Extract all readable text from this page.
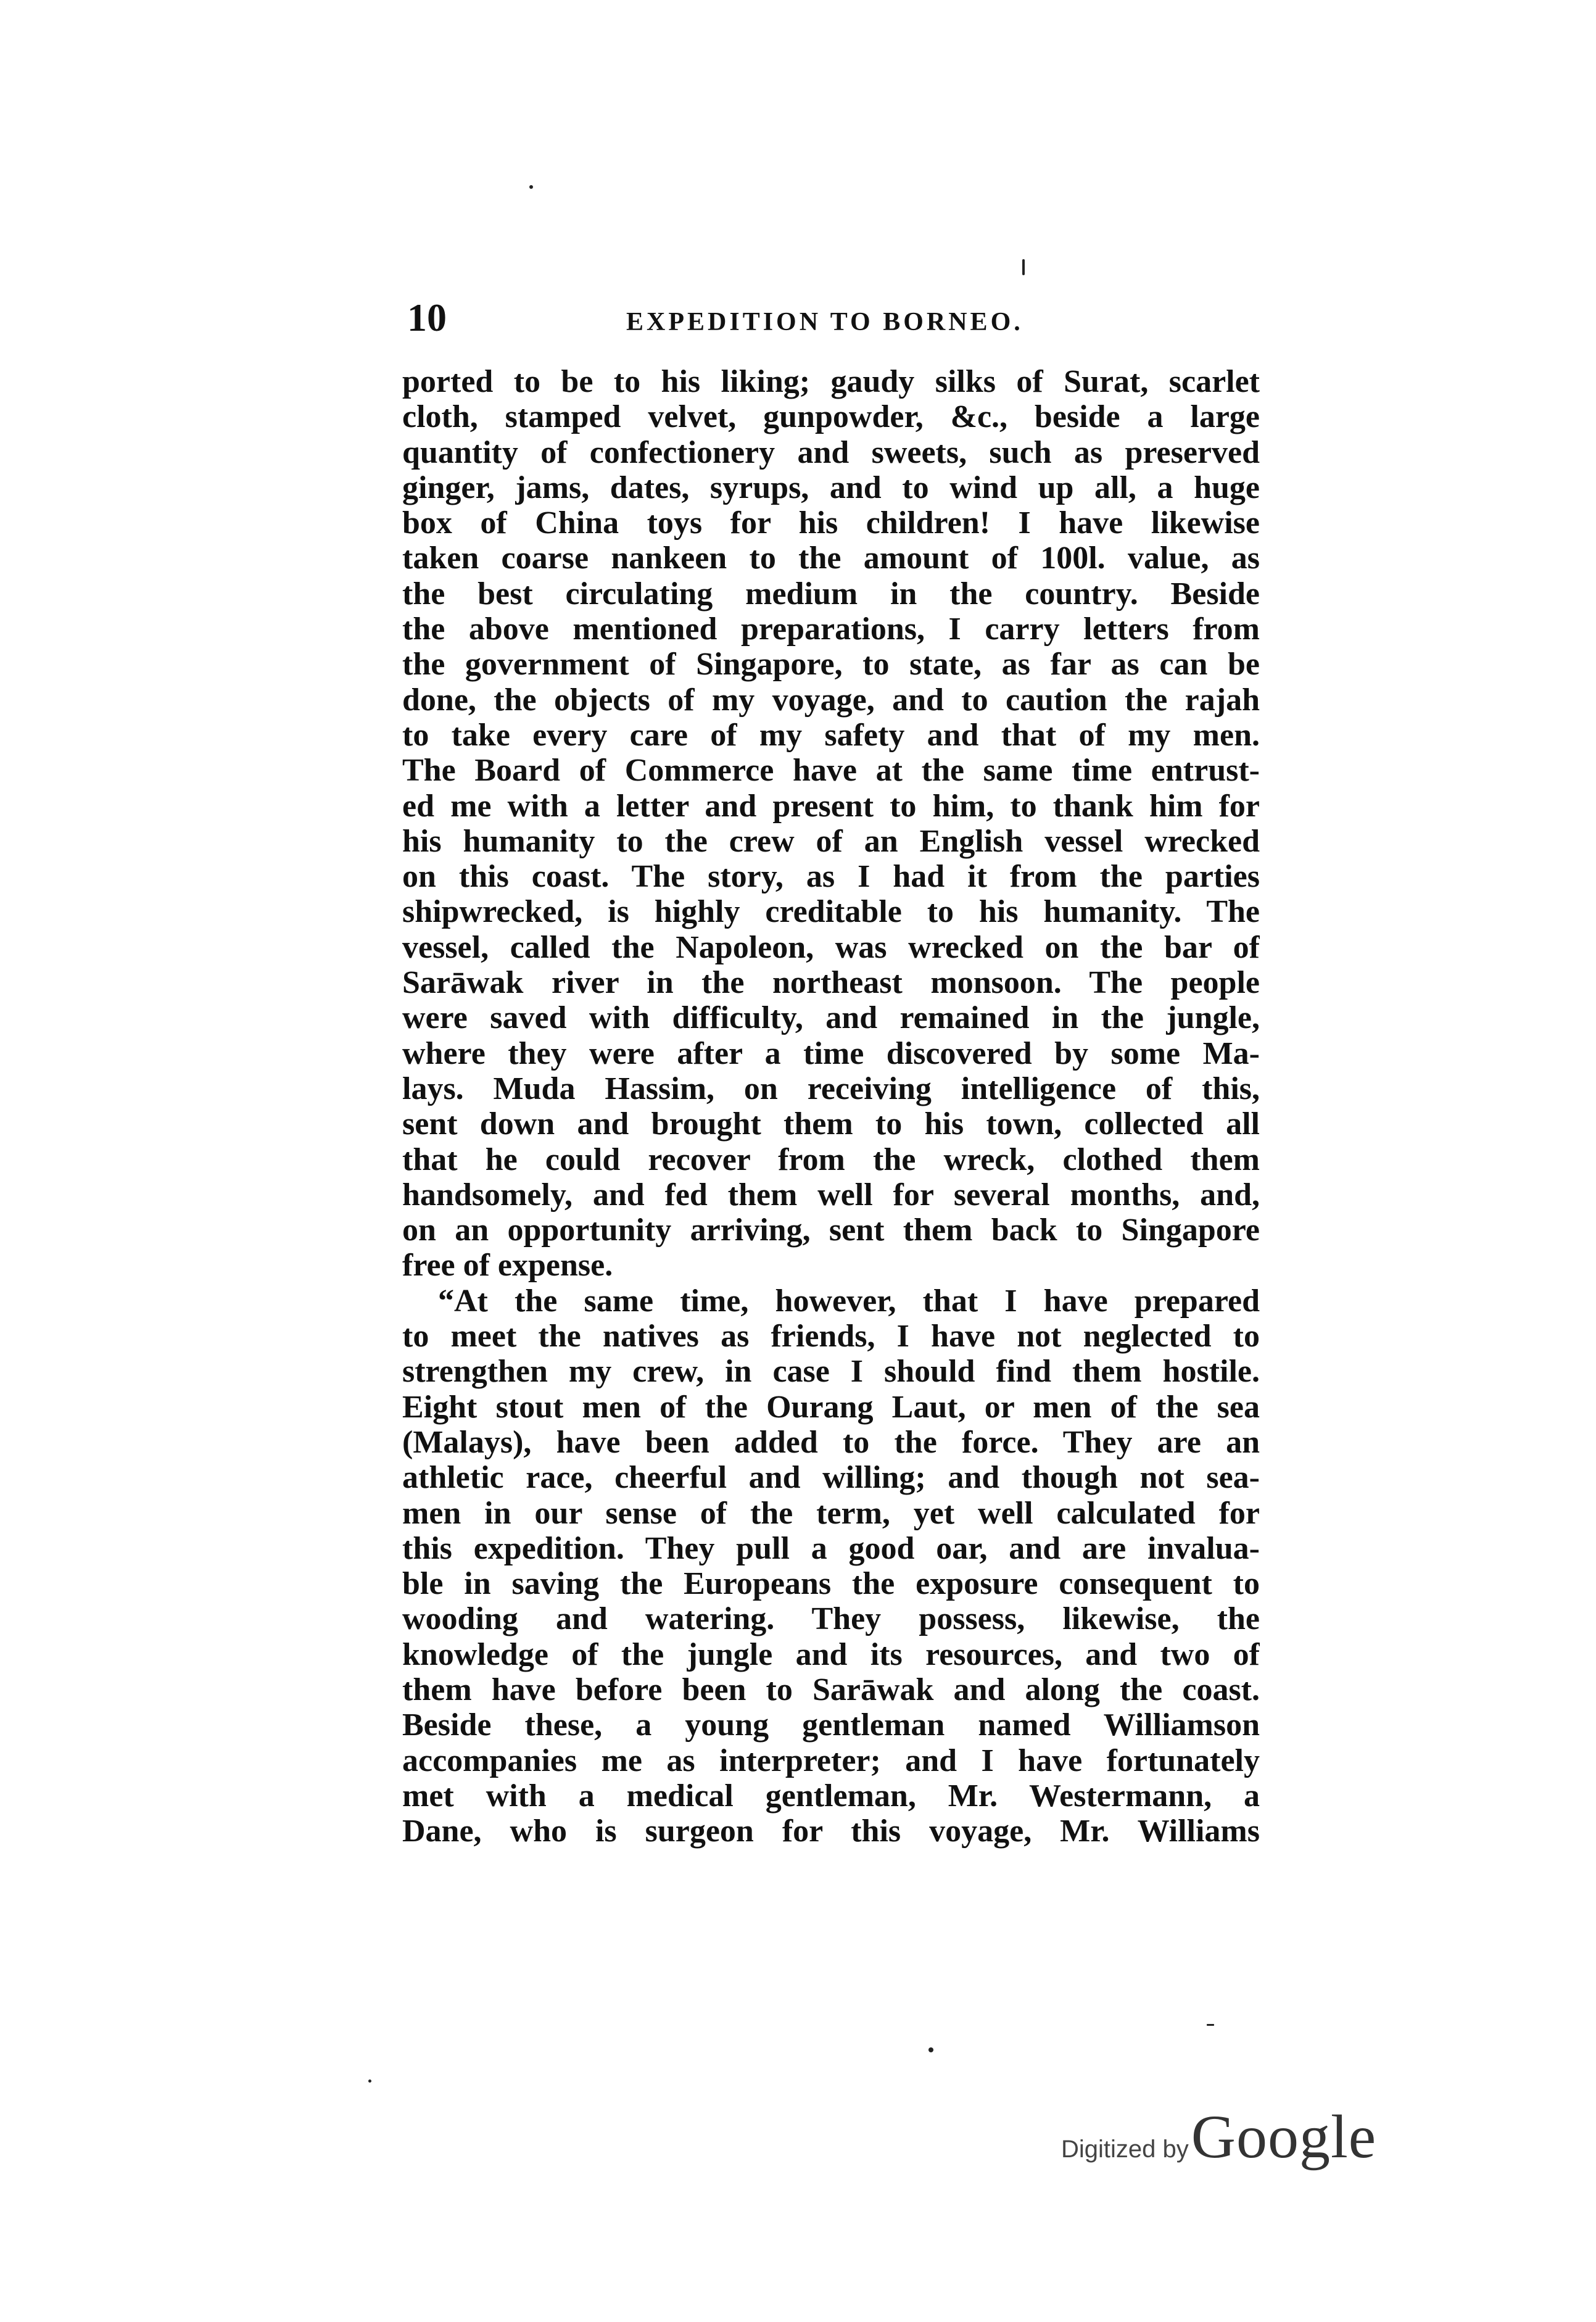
10	EXPEDITION TO BORNEO.
ported to be to his liking; gaudy silks of Surat, scarlet
cloth, stamped velvet, gunpowder, &c., beside a large
quantity of confectionery and sweets, such as preserved
ginger, jams, dates, syrups, and to wind up all, a huge
box of China toys for his children! I have likewise
taken coarse nankeen to the amount of 100l. value, as
the best circulating medium in the country. Beside
the above mentioned preparations, I carry letters from
the government of Singapore, to state, as far as can be
done, the objects of my voyage, and to caution the rajah
to take every care of my safety and that of my men.
The Board of Commerce have at the same time entrust-
ed me with a letter and present to him, to thank him for
his humanity to the crew of an English vessel wrecked
on this coast. The story, as I had it from the parties
shipwrecked, is highly creditable to his humanity. The
vessel, called the Napoleon, was wrecked on the bar of
Sarāwak river in the northeast monsoon. The people
were saved with difficulty, and remained in the jungle,
where they were after a time discovered by some Ma-
lays. Muda Hassim, on receiving intelligence of this,
sent down and brought them to his town, collected all
that he could recover from the wreck, clothed them
handsomely, and fed them well for several months, and,
on an opportunity arriving, sent them back to Singapore
free of expense.
“At the same time, however, that I have prepared
to meet the natives as friends, I have not neglected to
strengthen my crew, in case I should find them hostile.
Eight stout men of the Ourang Laut, or men of the sea
(Malays), have been added to the force. They are an
athletic race, cheerful and willing; and though not sea-
men in our sense of the term, yet well calculated for
this expedition. They pull a good oar, and are invalua-
ble in saving the Europeans the exposure consequent to
wooding and watering. They possess, likewise, the
knowledge of the jungle and its resources, and two of
them have before been to Sarāwak and along the coast.
Beside these, a young gentleman named Williamson
accompanies me as interpreter; and I have fortunately
met with a medical gentleman, Mr. Westermann, a
Dane, who is surgeon for this voyage, Mr. Williams
Digitized by Google
